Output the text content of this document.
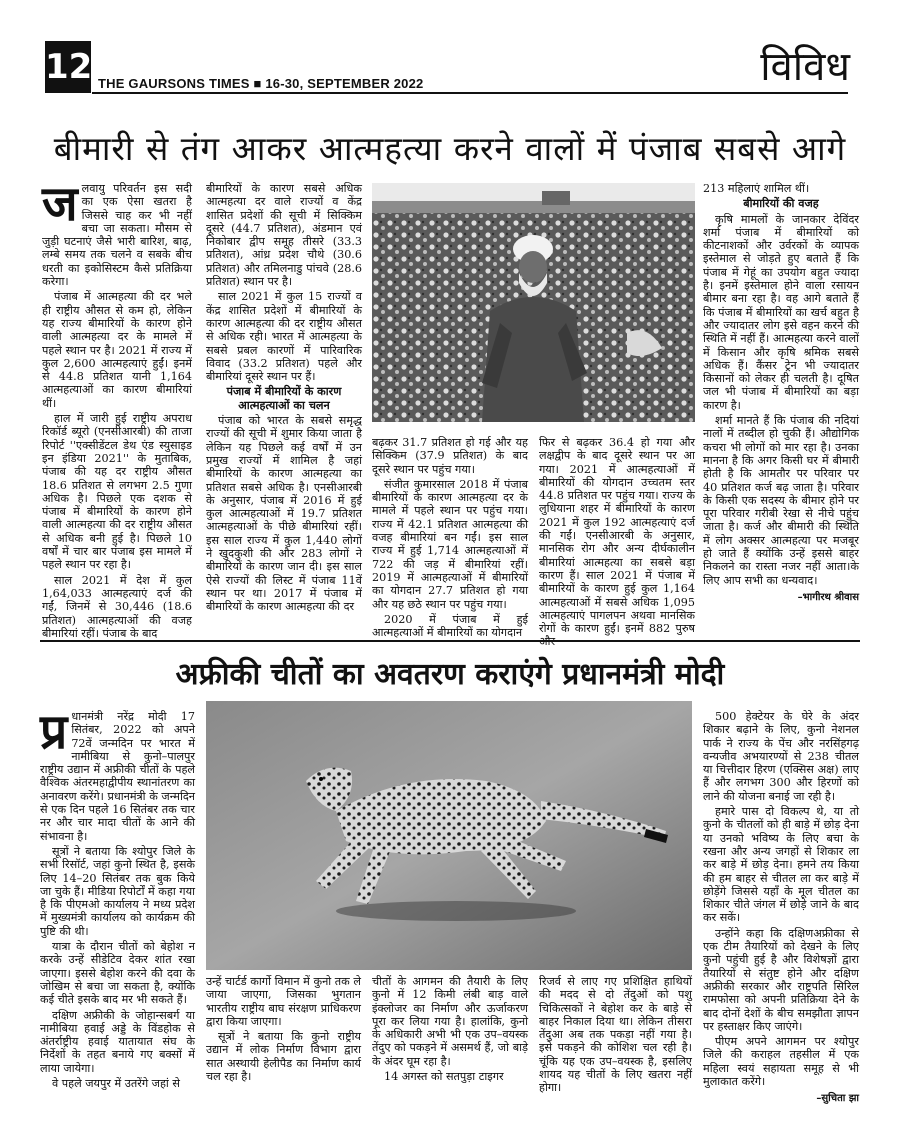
12 THE GAURSONS TIMES ■ 16-30, SEPTEMBER 2022	विविध
बीमारी से तंग आकर आत्महत्या करने वालों में पंजाब सबसे आगे

जलवायु परिवर्तन इस सदी का एक ऐसा खतरा है जिससे चाह कर भी नहीं बचा जा सकता। मौसम से जुड़ी घटनाएं जैसे भारी बारिश, बाढ़, लम्बे समय तक चलने व सबके बीच धरती का इकोसिस्टम कैसे प्रतिक्रिया करेगा।

पंजाब में आत्महत्या की दर भले ही राष्ट्रीय औसत से कम हो, लेकिन यह राज्य बीमारियों के कारण होने वाली आत्महत्या दर के मामले में पहले स्थान पर है। 2021 में राज्य में कुल 2,600 आत्महत्याएं हुईं। इनमें से 44.8 प्रतिशत यानी 1,164 आत्महत्याओं का कारण बीमारियां थीं।

हाल में जारी हुई राष्ट्रीय अपराध रिकॉर्ड ब्यूरो (एनसीआरबी) की ताजा रिपोर्ट ''एक्सीडेंटल डेथ एंड स्युसाइड इन इंडिया 2021'' के मुताबिक, पंजाब की यह दर राष्ट्रीय औसत 18.6 प्रतिशत से लगभग 2.5 गुणा अधिक है। पिछले एक दशक से पंजाब में बीमारियों के कारण होने वाली आत्महत्या की दर राष्ट्रीय औसत से अधिक बनी हुई है। पिछले 10 वर्षों में चार बार पंजाब इस मामले में पहले स्थान पर रहा है।

साल 2021 में देश में कुल 1,64,033 आत्महत्याएं दर्ज की गईं, जिनमें से 30,446 (18.6 प्रतिशत) आत्महत्याओं की वजह बीमारियां रहीं। पंजाब के बाद

बीमारियों के कारण सबसे अधिक आत्महत्या दर वाले राज्यों व केंद्र शासित प्रदेशों की सूची में सिक्किम दूसरे (44.7 प्रतिशत), अंडमान एवं निकोबार द्वीप समूह तीसरे (33.3 प्रतिशत), आंध्र प्रदेश चौथे (30.6 प्रतिशत) और तमिलनाडु पांचवे (28.6 प्रतिशत) स्थान पर है।

साल 2021 में कुल 15 राज्यों व केंद्र शासित प्रदेशों में बीमारियों के कारण आत्महत्या की दर राष्ट्रीय औसत से अधिक रही। भारत में आत्महत्या के सबसे प्रबल कारणों में पारिवारिक विवाद (33.2 प्रतिशत) पहले और बीमारियां दूसरे स्थान पर हैं।

पंजाब में बीमारियों के कारण आत्महत्याओं का चलन

पंजाब को भारत के सबसे समृद्ध राज्यों की सूची में शुमार किया जाता है लेकिन यह पिछले कई वर्षों में उन प्रमुख राज्यों में शामिल है जहां बीमारियों के कारण आत्महत्या का प्रतिशत सबसे अधिक है। एनसीआरबी के अनुसार, पंजाब में 2016 में हुई कुल आत्महत्याओं में 19.7 प्रतिशत आत्महत्याओं के पीछे बीमारियां रहीं। इस साल राज्य में कुल 1,440 लोगों ने खुदकुशी की और 283 लोगों ने बीमारियों के कारण जान दी। इस साल ऐसे राज्यों की लिस्ट में पंजाब 11वें स्थान पर था। 2017 में पंजाब में बीमारियों के कारण आत्महत्या की दर

बढ़कर 31.7 प्रतिशत हो गई और यह सिक्किम (37.9 प्रतिशत) के बाद दूसरे स्थान पर पहुंच गया।

संजीत कुमारसाल 2018 में पंजाब बीमारियों के कारण आत्महत्या दर के मामले में पहले स्थान पर पहुंच गया। राज्य में 42.1 प्रतिशत आत्महत्या की वजह बीमारियां बन गईं। इस साल राज्य में हुई 1,714 आत्महत्याओं में 722 की जड़ में बीमारियां रहीं। 2019 में आत्महत्याओं में बीमारियों का योगदान 27.7 प्रतिशत हो गया और यह छठे स्थान पर पहुंच गया।

2020 में पंजाब में हुई आत्महत्याओं में बीमारियों का योगदान

फिर से बढ़कर 36.4 हो गया और लक्षद्वीप के बाद दूसरे स्थान पर आ गया। 2021 में आत्महत्याओं में बीमारियों की योगदान उच्चतम स्तर 44.8 प्रतिशत पर पहुंच गया। राज्य के लुधियाना शहर में बीमारियों के कारण 2021 में कुल 192 आत्महत्याएं दर्ज की गईं। एनसीआरबी के अनुसार, मानसिक रोग और अन्य दीर्घकालीन बीमारियां आत्महत्या का सबसे बड़ा कारण हैं। साल 2021 में पंजाब में बीमारियों के कारण हुई कुल 1,164 आत्महत्याओं में सबसे अधिक 1,095 आत्महत्याएं पागलपन अथवा मानसिक रोगों के कारण हुईं। इनमें 882 पुरुष

213 महिलाएं शामिल थीं।

बीमारियों की वजह

कृषि मामलों के जानकार देविंदर शर्मा पंजाब में बीमारियों को कीटनाशकों और उर्वरकों के व्यापक इस्तेमाल से जोड़ते हुए बताते हैं कि पंजाब में गेहूं का उपयोग बहुत ज्यादा है। इनमें इस्तेमाल होने वाला रसायन बीमार बना रहा है। वह आगे बताते हैं कि पंजाब में बीमारियों का खर्च बहुत है और ज्यादातर लोग इसे वहन करने की स्थिति में नहीं हैं। आत्महत्या करने वालों में किसान और कृषि श्रमिक सबसे अधिक हैं। कैंसर ट्रेन भी ज्यादातर किसानों को लेकर ही चलती है। दूषित जल भी पंजाब में बीमारियों का बड़ा कारण है।

शर्मा मानते हैं कि पंजाब की नदियां नालों में तब्दील हो चुकी हैं। औद्योगिक कचरा भी लोगों को मार रहा है। उनका मानना है कि अगर किसी घर में बीमारी होती है कि आमतौर पर परिवार पर 40 प्रतिशत कर्ज बढ़ जाता है। परिवार के किसी एक सदस्य के बीमार होने पर पूरा परिवार गरीबी रेखा से नीचे पहुंच जाता है। कर्ज और बीमारी की स्थिति में लोग अक्सर आत्महत्या पर मजबूर हो जाते हैं क्योंकि उन्हें इससे बाहर निकलने का रास्ता नजर नहीं आता।के लिए आप सभी का धन्यवाद।

–भागीरथ श्रीवास

अफ्रीकी चीतों का अवतरण कराएंगे प्रधानमंत्री मोदी

प्र धानमंत्री नरेंद्र मोदी 17 सितंबर, 2022 को अपने 72वें जन्मदिन पर भारत में नामीबिया से कुनो–पालपुर राष्ट्रीय उद्यान में अफ्रीकी चीतों के पहले वैश्विक अंतरमहाद्वीपीय स्थानांतरण का अनावरण करेंगे। प्रधानमंत्री के जन्मदिन से एक दिन पहले 16 सितंबर तक चार नर और चार मादा चीतों के आने की संभावना है।

सूत्रों ने बताया कि श्योपुर जिले के सभी रिसॉर्ट, जहां कुनो स्थित है, इसके लिए 14–20 सितंबर तक बुक किये जा चुके हैं। मीडिया रिपोर्टों में कहा गया है कि पीएमओ कार्यालय ने मध्य प्रदेश में मुख्यमंत्री कार्यालय को कार्यक्रम की पुष्टि की थी।

यात्रा के दौरान चीतों को बेहोश न करके उन्हें सीडेटिव देकर शांत रखा जाएगा। इससे बेहोश करने की दवा के जोखिम से बचा जा सकता है, क्योंकि कई चीते इसके बाद मर भी सकते हैं।

दक्षिण अफ्रीकी के जोहान्सबर्ग या नामीबिया हवाई अड्डे के विंडहोक से अंतर्राष्ट्रीय हवाई यातायात संघ के निर्देशों के तहत बनाये गए बक्सों में लाया जायेगा।

वे पहले जयपुर में उतरेंगे जहां से

उन्हें चार्टर्ड कार्गो विमान में कुनो तक ले जाया जाएगा, जिसका भुगतान भारतीय राष्ट्रीय बाघ संरक्षण प्राधिकरण द्वारा किया जाएगा।

सूत्रों ने बताया कि कुनो राष्ट्रीय उद्यान में लोक निर्माण विभाग द्वारा सात अस्थायी हेलीपैड का निर्माण कार्य चल रहा है।

चीतों के आगमन की तैयारी के लिए कुनो में 12 किमी लंबी बाड़ वाले इंक्लोजर का निर्माण और ऊर्जाकरण पूरा कर लिया गया है। हालांकि, कुनो के अधिकारी अभी भी एक उप–वयस्क तेंदुए को पकड़ने में असमर्थ हैं, जो बाड़े के अंदर घूम रहा है।

14 अगस्त को सतपुड़ा टाइगर

रिजर्व से लाए गए प्रशिक्षित हाथियों की मदद से दो तेंदुओं को पशु चिकित्सकों ने बेहोश कर के बाड़े से बाहर निकाल दिया था। लेकिन तीसरा तेंदुआ अब तक पकड़ा नहीं गया है। इसे पकड़ने की कोशिश चल रही है। चूंकि यह एक उप–वयस्क है, इसलिए शायद यह चीतों के लिए खतरा नहीं होगा।

500 हेक्टेयर के घेरे के अंदर शिकार बढ़ाने के लिए, कुनो नेशनल पार्क ने राज्य के पेंच और नरसिंहगढ़ वन्यजीव अभयारण्यों से 238 चीतल या चित्तीदार हिरण (एक्सिस अक्ष) लाए हैं और लगभग 300 और हिरणों को लाने की योजना बनाई जा रही है।

हमारे पास दो विकल्प थे, या तो कुनो के चीतलों को ही बाड़े में छोड़ देना या उनको भविष्य के लिए बचा के रखना और अन्य जगहों से शिकार ला कर बाड़े में छोड़ देना। हमने तय किया की हम बाहर से चीतल ला कर बाड़े में छोड़ेंगे जिससे यहाँ के मूल चीतल का शिकार चीते जंगल में छोड़े जाने के बाद कर सकें।

उन्होंने कहा कि दक्षिणअफ्रीका से एक टीम तैयारियों को देखने के लिए कुनो पहुंची हुई है और विशेषज्ञों द्वारा तैयारियों से संतुष्ट होने और दक्षिण अफ्रीकी सरकार और राष्ट्रपति सिरिल रामफोसा को अपनी प्रतिक्रिया देने के बाद दोनों देशों के बीच समझौता ज्ञापन पर हस्ताक्षर किए जाएंगे।

पीएम अपने आगमन पर श्योपुर जिले की कराहल तहसील में एक महिला स्वयं सहायता समूह से भी मुलाकात करेंगे।

–सुचिता झा
